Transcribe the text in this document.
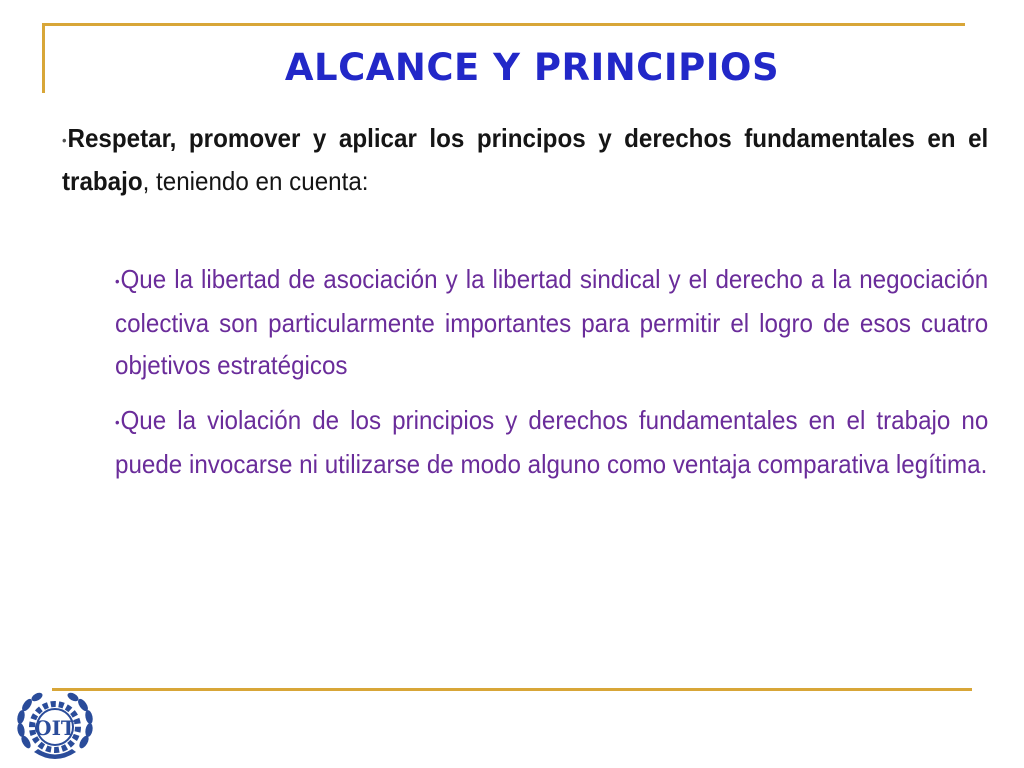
ALCANCE Y PRINCIPIOS

•Respetar, promover y aplicar los principos y derechos fundamentales en el trabajo, teniendo en cuenta:

•Que la libertad de asociación y la libertad sindical y el derecho a la negociación colectiva son particularmente importantes para permitir el logro de esos cuatro objetivos estratégicos

•Que la violación de los principios y derechos fundamentales en el trabajo no puede invocarse ni utilizarse de modo alguno como ventaja comparativa legítima.

OIT
